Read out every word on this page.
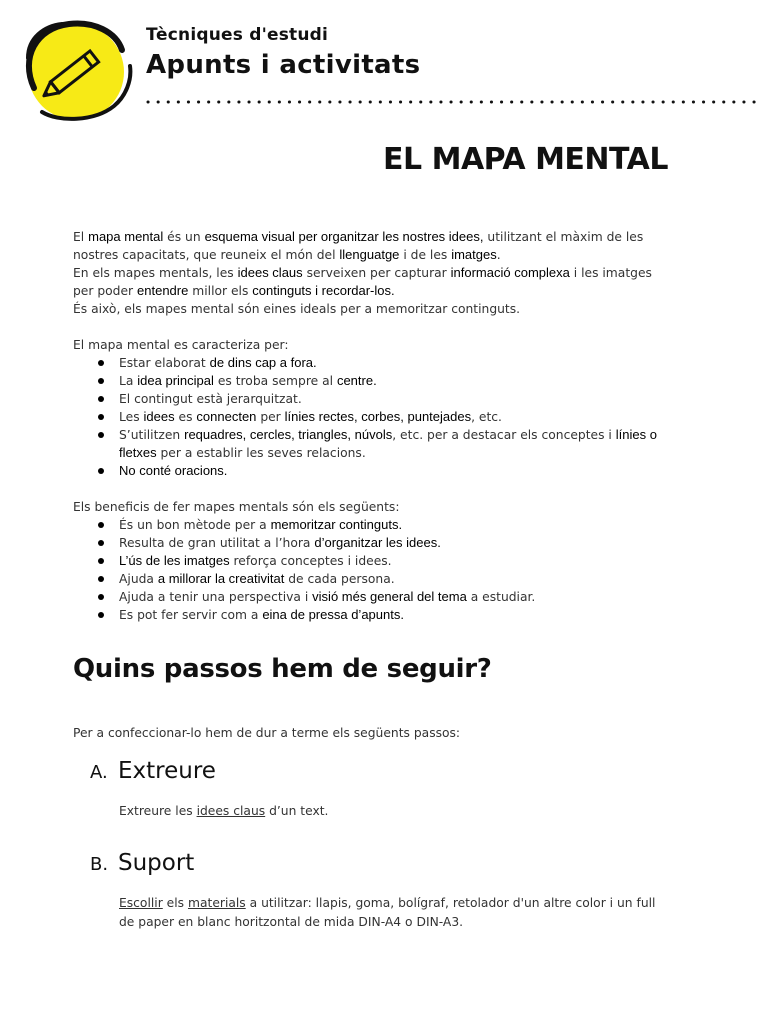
Tècniques d'estudi
Apunts i activitats
EL MAPA MENTAL

El mapa mental és un esquema visual per organitzar les nostres idees, utilitzant el màxim de les nostres capacitats, que reuneix el món del llenguatge i de les imatges.

En els mapes mentals, les idees claus serveixen per capturar informació complexa i les imatges per poder entendre millor els continguts i recordar-los.

És això, els mapes mental són eines ideals per a memoritzar continguts.

El mapa mental es caracteriza per:

Estar elaborat de dins cap a fora.
La idea principal es troba sempre al centre.
El contingut està jerarquitzat.
Les idees es connecten per línies rectes, corbes, puntejades, etc.
S’utilitzen requadres, cercles, triangles, núvols, etc. per a destacar els conceptes i línies o fletxes per a establir les seves relacions.
No conté oracions.

Els beneficis de fer mapes mentals són els següents:

És un bon mètode per a memoritzar continguts.
Resulta de gran utilitat a l’hora d’organitzar les idees.
L’ús de les imatges reforça conceptes i idees.
Ajuda a millorar la creativitat de cada persona.
Ajuda a tenir una perspectiva i visió més general del tema a estudiar.
Es pot fer servir com a eina de pressa d’apunts.
Quins passos hem de seguir?
Per a confeccionar-lo hem de dur a terme els següents passos:
A. Extreure
Extreure les idees claus d’un text.
B. Suport
Escollir els materials a utilitzar: llapis, goma, bolígraf, retolador d'un altre color i un full de paper en blanc horitzontal de mida DIN-A4 o DIN-A3.
